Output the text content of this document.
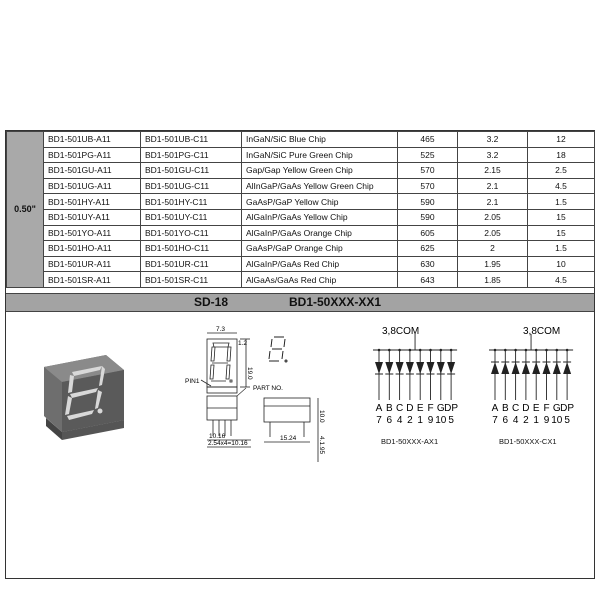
0.50"	BD1-501UB-A11	BD1-501UB-C11	InGaN/SiC Blue Chip	465	3.2	12
	BD1-501PG-A11	BD1-501PG-C11	InGaN/SiC Pure Green Chip	525	3.2	18
	BD1-501GU-A11	BD1-501GU-C11	Gap/Gap Yellow Green Chip	570	2.15	2.5
	BD1-501UG-A11	BD1-501UG-C11	AlInGaP/GaAs Yellow Green Chip	570	2.1	4.5
	BD1-501HY-A11	BD1-501HY-C11	GaAsP/GaP Yellow Chip	590	2.1	1.5
	BD1-501UY-A11	BD1-501UY-C11	AlGaInP/GaAs Yellow Chip	590	2.05	15
	BD1-501YO-A11	BD1-501YO-C11	AlGaInP/GaAs Orange Chip	605	2.05	15
	BD1-501HO-A11	BD1-501HO-C11	GaAsP/GaP Orange Chip	625	2	1.5
	BD1-501UR-A11	BD1-501UR-C11	AlGaInP/GaAs Red Chip	630	1.95	10
	BD1-501SR-A11	BD1-501SR-C11	AlGaAs/GaAs Red Chip	643	1.85	4.5
SD-18	BD1-50XXX-XX1
7.3
1.2
19.0
PIN1
PART NO.
10.16
2.54x4=10.16
15.24
10.0
4.1.95
3,8COM
A
7
B
6
C
4
D
2
E
1
F
9
G
10
DP
5
3,8COM
A
7
B
6
C
4
D
2
E
1
F
9
G
10
DP
5
BD1-50XXX-AX1	BD1-50XXX-CX1
